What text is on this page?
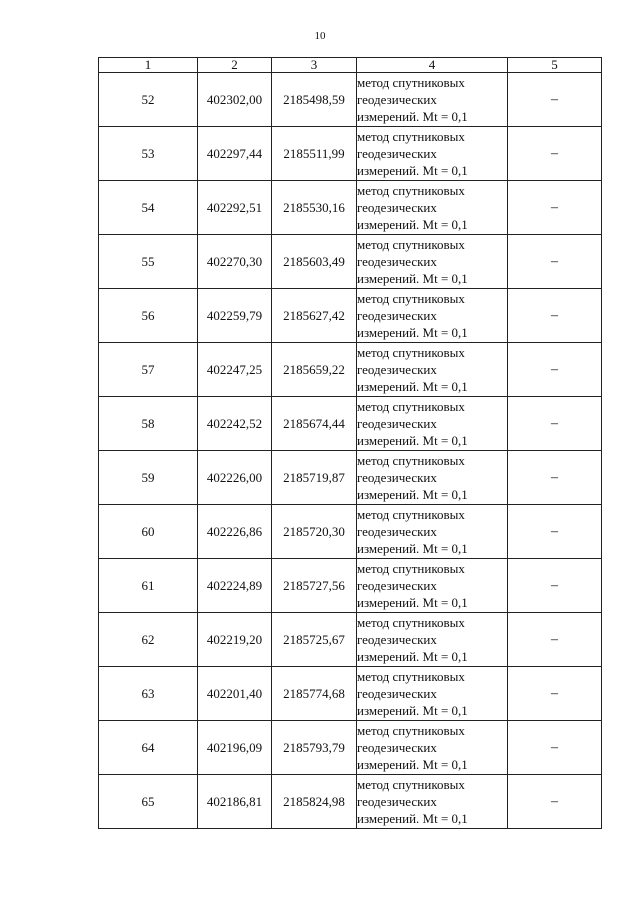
10
1	2	3	4	5
52	402302,00	2185498,59	метод спутниковых
геодезических
измерений. Mt = 0,1	–
53	402297,44	2185511,99	метод спутниковых
геодезических
измерений. Mt = 0,1	–
54	402292,51	2185530,16	метод спутниковых
геодезических
измерений. Mt = 0,1	–
55	402270,30	2185603,49	метод спутниковых
геодезических
измерений. Mt = 0,1	–
56	402259,79	2185627,42	метод спутниковых
геодезических
измерений. Mt = 0,1	–
57	402247,25	2185659,22	метод спутниковых
геодезических
измерений. Mt = 0,1	–
58	402242,52	2185674,44	метод спутниковых
геодезических
измерений. Mt = 0,1	–
59	402226,00	2185719,87	метод спутниковых
геодезических
измерений. Mt = 0,1	–
60	402226,86	2185720,30	метод спутниковых
геодезических
измерений. Mt = 0,1	–
61	402224,89	2185727,56	метод спутниковых
геодезических
измерений. Mt = 0,1	–
62	402219,20	2185725,67	метод спутниковых
геодезических
измерений. Mt = 0,1	–
63	402201,40	2185774,68	метод спутниковых
геодезических
измерений. Mt = 0,1	–
64	402196,09	2185793,79	метод спутниковых
геодезических
измерений. Mt = 0,1	–
65	402186,81	2185824,98	метод спутниковых
геодезических
измерений. Mt = 0,1	–
